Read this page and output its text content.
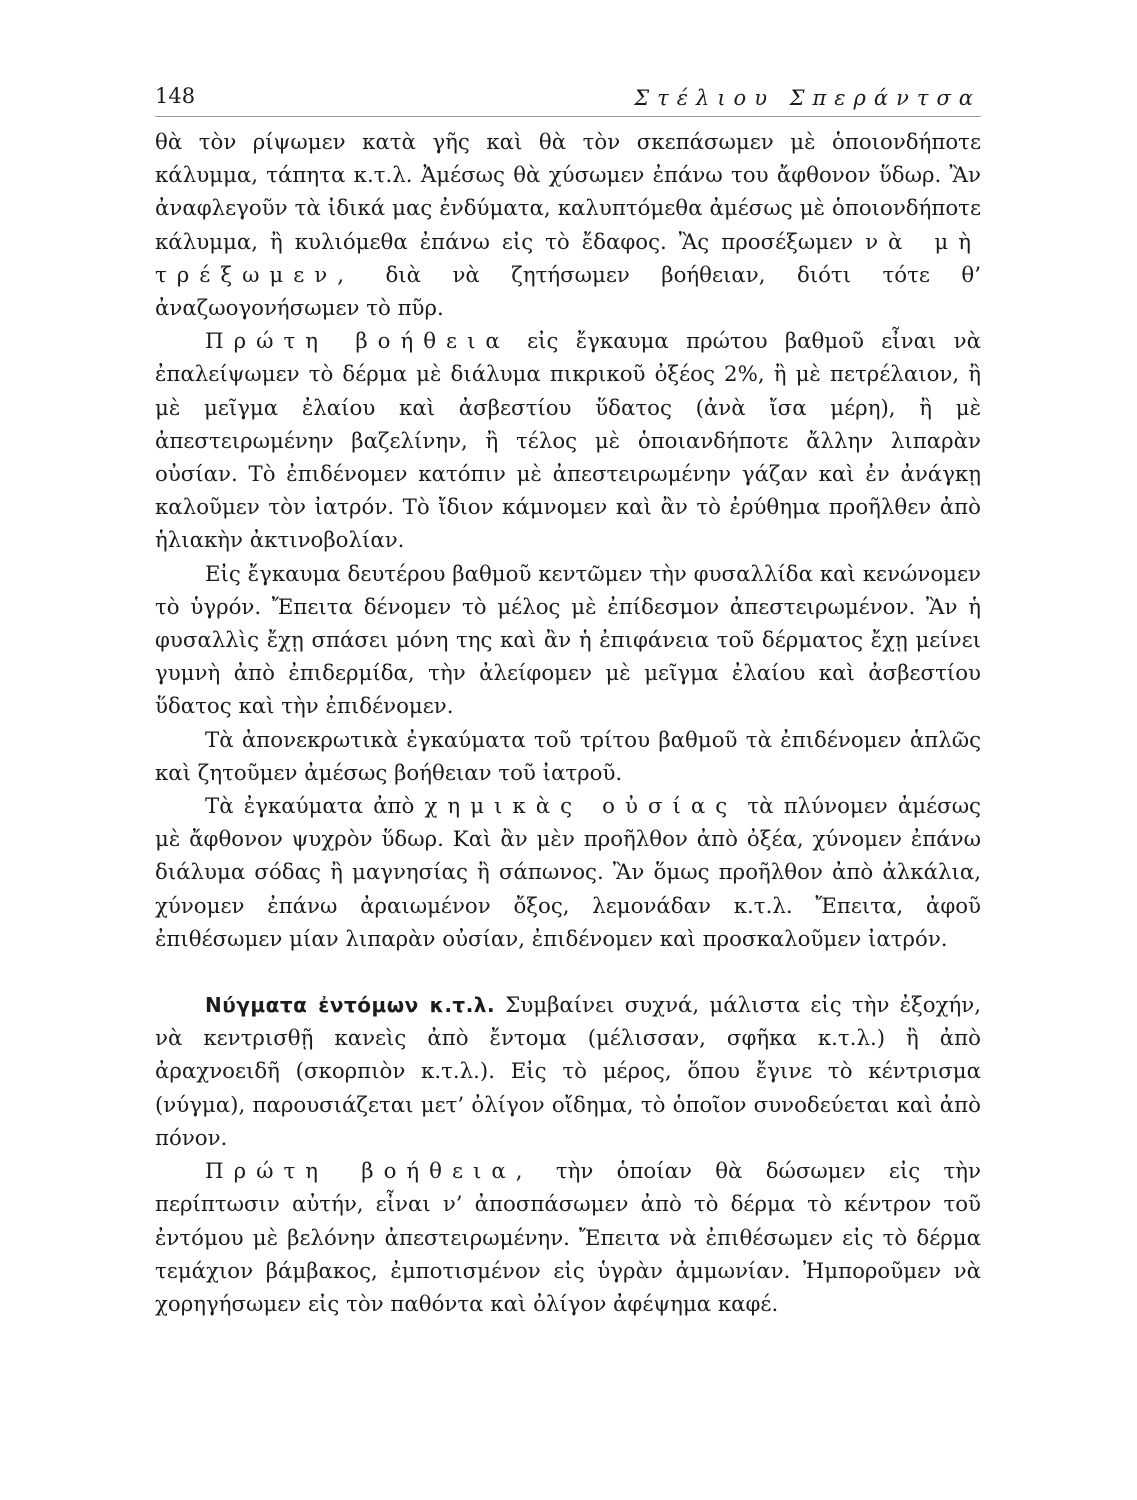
148	Στέλιου Σπεράντσα

θὰ τὸν ρίψωμεν κατὰ γῆς καὶ θὰ τὸν σκεπάσωμεν μὲ ὁποιονδήποτε κάλυμμα, τάπητα κ.τ.λ. Ἀμέσως θὰ χύσωμεν ἐπάνω του ἄφθονον ὕδωρ. Ἂν ἀναφλεγοῦν τὰ ἰδικά μας ἐνδύματα, καλυπτόμεθα ἀμέσως μὲ ὁποιονδήποτε κάλυμμα, ἢ κυλιόμεθα ἐπάνω εἰς τὸ ἔδαφος. Ἂς προσέξωμεν νὰ μὴ τρέξωμεν, διὰ νὰ ζητήσωμεν βοήθειαν, διότι τότε θ’ ἀναζωογονήσωμεν τὸ πῦρ.

Πρώτη βοήθεια εἰς ἔγκαυμα πρώτου βαθμοῦ εἶναι νὰ ἐπαλείψωμεν τὸ δέρμα μὲ διάλυμα πικρικοῦ ὀξέος 2%, ἢ μὲ πετρέλαιον, ἢ μὲ μεῖγμα ἐλαίου καὶ ἀσβεστίου ὕδατος (ἀνὰ ἴσα μέρη), ἢ μὲ ἀπεστειρωμένην βαζελίνην, ἢ τέλος μὲ ὁποιανδήποτε ἄλλην λιπαρὰν οὐσίαν. Τὸ ἐπιδένομεν κατόπιν μὲ ἀπεστειρωμένην γάζαν καὶ ἐν ἀνάγκῃ καλοῦμεν τὸν ἰατρόν. Τὸ ἴδιον κάμνομεν καὶ ἂν τὸ ἐρύθημα προῆλθεν ἀπὸ ἡλιακὴν ἀκτινοβολίαν.

Εἰς ἔγκαυμα δευτέρου βαθμοῦ κεντῶμεν τὴν φυσαλλίδα καὶ κενώνομεν τὸ ὑγρόν. Ἔπειτα δένομεν τὸ μέλος μὲ ἐπίδεσμον ἀπεστειρωμένον. Ἂν ἡ φυσαλλὶς ἔχῃ σπάσει μόνη της καὶ ἂν ἡ ἐπιφάνεια τοῦ δέρματος ἔχῃ μείνει γυμνὴ ἀπὸ ἐπιδερμίδα, τὴν ἀλείφομεν μὲ μεῖγμα ἐλαίου καὶ ἀσβεστίου ὕδατος καὶ τὴν ἐπιδένομεν.

Τὰ ἀπονεκρωτικὰ ἐγκαύματα τοῦ τρίτου βαθμοῦ τὰ ἐπιδένομεν ἁπλῶς καὶ ζητοῦμεν ἀμέσως βοήθειαν τοῦ ἰατροῦ.

Τὰ ἐγκαύματα ἀπὸ χημικὰς οὐσίας τὰ πλύνομεν ἀμέσως μὲ ἄφθονον ψυχρὸν ὕδωρ. Καὶ ἂν μὲν προῆλθον ἀπὸ ὀξέα, χύνομεν ἐπάνω διάλυμα σόδας ἢ μαγνησίας ἢ σάπωνος. Ἂν ὅμως προῆλθον ἀπὸ ἀλκάλια, χύνομεν ἐπάνω ἀραιωμένον ὄξος, λεμονάδαν κ.τ.λ. Ἔπειτα, ἀφοῦ ἐπιθέσωμεν μίαν λιπαρὰν οὐσίαν, ἐπιδένομεν καὶ προσκαλοῦμεν ἰατρόν.

Νύγματα ἐντόμων κ.τ.λ. Συμβαίνει συχνά, μάλιστα εἰς τὴν ἐξοχήν, νὰ κεντρισθῇ κανεὶς ἀπὸ ἔντομα (μέλισσαν, σφῆκα κ.τ.λ.) ἢ ἀπὸ ἀραχνοειδῆ (σκορπιὸν κ.τ.λ.). Εἰς τὸ μέρος, ὅπου ἔγινε τὸ κέντρισμα (νύγμα), παρουσιάζεται μετ’ ὀλίγον οἴδημα, τὸ ὁποῖον συνοδεύεται καὶ ἀπὸ πόνον.

Πρώτη βοήθεια, τὴν ὁποίαν θὰ δώσωμεν εἰς τὴν περίπτωσιν αὐτήν, εἶναι ν’ ἀποσπάσωμεν ἀπὸ τὸ δέρμα τὸ κέντρον τοῦ ἐντόμου μὲ βελόνην ἀπεστειρωμένην. Ἔπειτα νὰ ἐπιθέσωμεν εἰς τὸ δέρμα τεμάχιον βάμβακος, ἐμποτισμένον εἰς ὑγρὰν ἀμμωνίαν. Ἠμποροῦμεν νὰ χορηγήσωμεν εἰς τὸν παθόντα καὶ ὀλίγον ἀφέψημα καφέ.
